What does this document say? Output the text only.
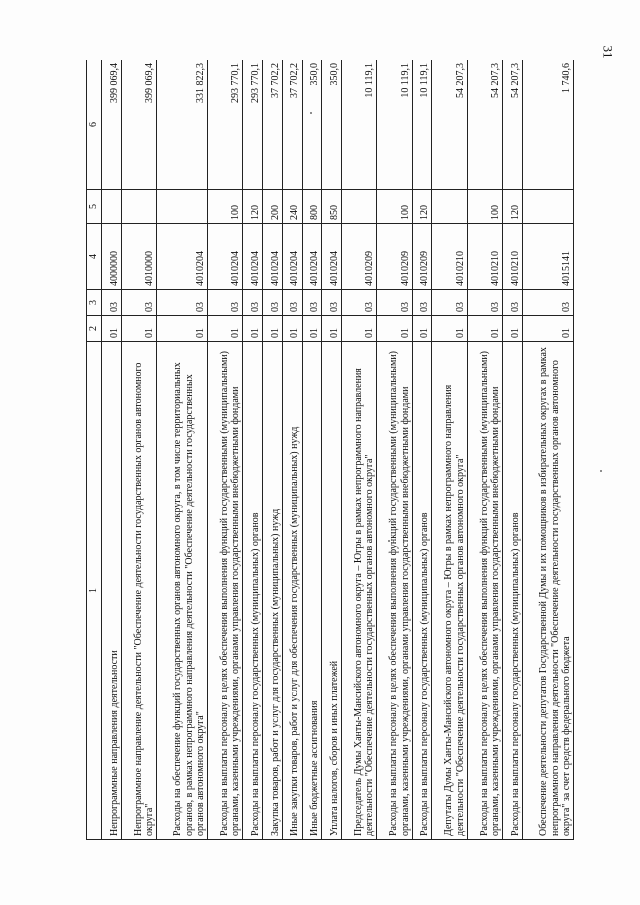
31
1	2	3	4	5	6
Непрограммные направления деятельности	01	03	4000000		399 069,4
Непрограммное направление деятельности "Обеспечение деятельности государственных органов автономного округа"	01	03	4010000		399 069,4
Расходы на обеспечение функций государственных органов автономного округа, в том числе территориальных органов, в рамках непрограммного направления деятельности "Обеспечение деятельности государственных органов автономного округа"	01	03	4010204		331 822,3
Расходы на выплаты персоналу в целях обеспечения выполнения функций государственными (муниципальными) органами, казенными учреждениями, органами управления государственными внебюджетными фондами	01	03	4010204	100	293 770,1
Расходы на выплаты персоналу государственных (муниципальных) органов	01	03	4010204	120	293 770,1
Закупка товаров, работ и услуг для государственных (муниципальных) нужд	01	03	4010204	200	37 702,2
Иные закупки товаров, работ и услуг для обеспечения государственных (муниципальных) нужд	01	03	4010204	240	37 702,2
Иные бюджетные ассигнования	01	03	4010204	800	350,0
Уплата налогов, сборов и иных платежей	01	03	4010204	850	350,0
Председатель Думы Ханты-Мансийского автономного округа – Югры в рамках непрограммного направления деятельности "Обеспечение деятельности государственных органов автономного округа"	01	03	4010209		10 119,1
Расходы на выплаты персоналу в целях обеспечения выполнения функций государственными (муниципальными) органами, казенными учреждениями, органами управления государственными внебюджетными фондами	01	03	4010209	100	10 119,1
Расходы на выплаты персоналу государственных (муниципальных) органов	01	03	4010209	120	10 119,1
Депутаты Думы Ханты-Мансийского автономного округа – Югры в рамках непрограммного направления деятельности "Обеспечение деятельности государственных органов автономного округа"	01	03	4010210		54 207,3
Расходы на выплаты персоналу в целях обеспечения выполнения функций государственными (муниципальными) органами, казенными учреждениями, органами управления государственными внебюджетными фондами	01	03	4010210	100	54 207,3
Расходы на выплаты персоналу государственных (муниципальных) органов	01	03	4010210	120	54 207,3
Обеспечение деятельности депутатов Государственной Думы и их помощников в избирательных округах в рамках непрограммного направления деятельности "Обеспечение деятельности государственных органов автономного округа" за счет средств федерального бюджета	01	03	4015141		1 740,6
